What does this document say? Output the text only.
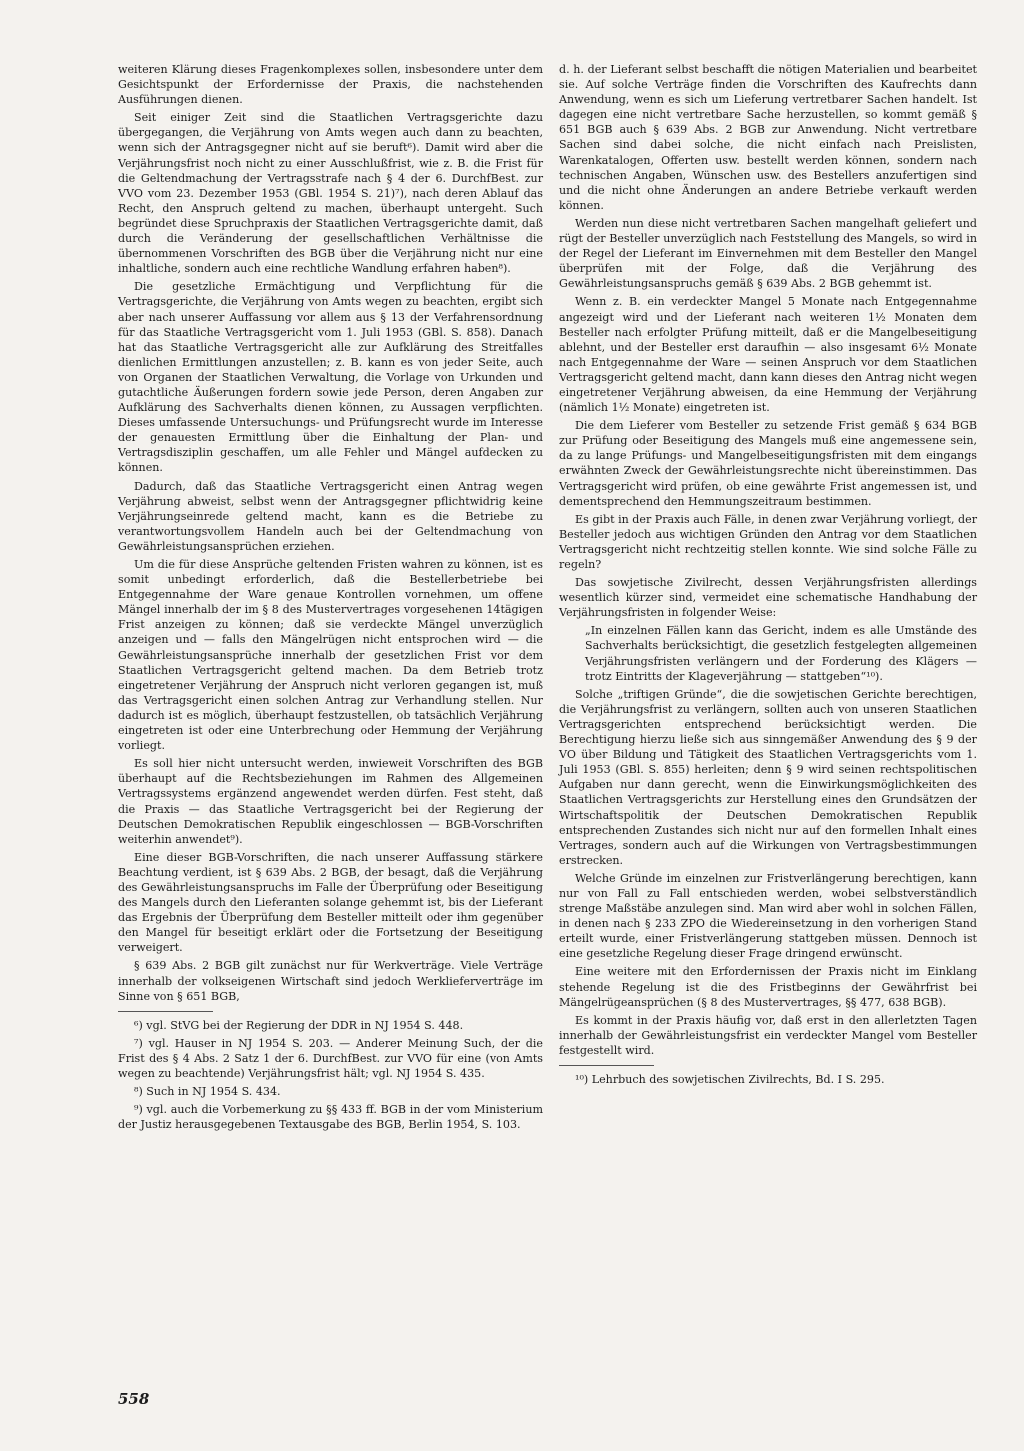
weiteren Klärung dieses Fragenkomplexes sollen, insbesondere unter dem Gesichtspunkt der Erfordernisse der Praxis, die nachstehenden Ausführungen dienen.

Seit einiger Zeit sind die Staatlichen Vertragsgerichte dazu übergegangen, die Verjährung von Amts wegen auch dann zu beachten, wenn sich der Antragsgegner nicht auf sie beruft⁶). Damit wird aber die Verjährungsfrist noch nicht zu einer Ausschlußfrist, wie z. B. die Frist für die Geltendmachung der Vertragsstrafe nach § 4 der 6. DurchfBest. zur VVO vom 23. Dezember 1953 (GBl. 1954 S. 21)⁷), nach deren Ablauf das Recht, den Anspruch geltend zu machen, überhaupt untergeht. Such begründet diese Spruchpraxis der Staatlichen Vertragsgerichte damit, daß durch die Veränderung der gesellschaftlichen Verhältnisse die übernommenen Vorschriften des BGB über die Verjährung nicht nur eine inhaltliche, sondern auch eine rechtliche Wandlung erfahren haben⁸).

Die gesetzliche Ermächtigung und Verpflichtung für die Vertragsgerichte, die Verjährung von Amts wegen zu beachten, ergibt sich aber nach unserer Auffassung vor allem aus § 13 der Verfahrensordnung für das Staatliche Vertragsgericht vom 1. Juli 1953 (GBl. S. 858). Danach hat das Staatliche Vertragsgericht alle zur Aufklärung des Streitfalles dienlichen Ermittlungen anzustellen; z. B. kann es von jeder Seite, auch von Organen der Staatlichen Verwaltung, die Vorlage von Urkunden und gutachtliche Äußerungen fordern sowie jede Person, deren Angaben zur Aufklärung des Sachverhalts dienen können, zu Aussagen verpflichten. Dieses umfassende Untersuchungs- und Prüfungsrecht wurde im Interesse der genauesten Ermittlung über die Einhaltung der Plan- und Vertragsdisziplin geschaffen, um alle Fehler und Mängel aufdecken zu können.

Dadurch, daß das Staatliche Vertragsgericht einen Antrag wegen Verjährung abweist, selbst wenn der Antragsgegner pflichtwidrig keine Verjährungseinrede geltend macht, kann es die Betriebe zu verantwortungsvollem Handeln auch bei der Geltendmachung von Gewährleistungsansprüchen erziehen.

Um die für diese Ansprüche geltenden Fristen wahren zu können, ist es somit unbedingt erforderlich, daß die Bestellerbetriebe bei Entgegennahme der Ware genaue Kontrollen vornehmen, um offene Mängel innerhalb der im § 8 des Mustervertrages vorgesehenen 14tägigen Frist anzeigen zu können; daß sie verdeckte Mängel unverzüglich anzeigen und — falls den Mängelrügen nicht entsprochen wird — die Gewährleistungsansprüche innerhalb der gesetzlichen Frist vor dem Staatlichen Vertragsgericht geltend machen. Da dem Betrieb trotz eingetretener Verjährung der Anspruch nicht verloren gegangen ist, muß das Vertragsgericht einen solchen Antrag zur Verhandlung stellen. Nur dadurch ist es möglich, überhaupt festzustellen, ob tatsächlich Verjährung eingetreten ist oder eine Unterbrechung oder Hemmung der Verjährung vorliegt.

Es soll hier nicht untersucht werden, inwieweit Vorschriften des BGB überhaupt auf die Rechtsbeziehungen im Rahmen des Allgemeinen Vertragssystems ergänzend angewendet werden dürfen. Fest steht, daß die Praxis — das Staatliche Vertragsgericht bei der Regierung der Deutschen Demokratischen Republik eingeschlossen — BGB-Vorschriften weiterhin anwendet⁹).

Eine dieser BGB-Vorschriften, die nach unserer Auffassung stärkere Beachtung verdient, ist § 639 Abs. 2 BGB, der besagt, daß die Verjährung des Gewährleistungsanspruchs im Falle der Überprüfung oder Beseitigung des Mangels durch den Lieferanten solange gehemmt ist, bis der Lieferant das Ergebnis der Überprüfung dem Besteller mitteilt oder ihm gegenüber den Mangel für beseitigt erklärt oder die Fortsetzung der Beseitigung verweigert.

§ 639 Abs. 2 BGB gilt zunächst nur für Werkverträge. Viele Verträge innerhalb der volkseigenen Wirtschaft sind jedoch Werklieferverträge im Sinne von § 651 BGB,

⁶) vgl. StVG bei der Regierung der DDR in NJ 1954 S. 448.

⁷) vgl. Hauser in NJ 1954 S. 203. — Anderer Meinung Such, der die Frist des § 4 Abs. 2 Satz 1 der 6. DurchfBest. zur VVO für eine (von Amts wegen zu beachtende) Verjährungsfrist hält; vgl. NJ 1954 S. 435.

⁸) Such in NJ 1954 S. 434.

⁹) vgl. auch die Vorbemerkung zu §§ 433 ff. BGB in der vom Ministerium der Justiz herausgegebenen Textausgabe des BGB, Berlin 1954, S. 103.

d. h. der Lieferant selbst beschafft die nötigen Materialien und bearbeitet sie. Auf solche Verträge finden die Vorschriften des Kaufrechts dann Anwendung, wenn es sich um Lieferung vertretbarer Sachen handelt. Ist dagegen eine nicht vertretbare Sache herzustellen, so kommt gemäß § 651 BGB auch § 639 Abs. 2 BGB zur Anwendung. Nicht vertretbare Sachen sind dabei solche, die nicht einfach nach Preislisten, Warenkatalogen, Offerten usw. bestellt werden können, sondern nach technischen Angaben, Wünschen usw. des Bestellers anzufertigen sind und die nicht ohne Änderungen an andere Betriebe verkauft werden können.

Werden nun diese nicht vertretbaren Sachen mangelhaft geliefert und rügt der Besteller unverzüglich nach Feststellung des Mangels, so wird in der Regel der Lieferant im Einvernehmen mit dem Besteller den Mangel überprüfen mit der Folge, daß die Verjährung des Gewährleistungsanspruchs gemäß § 639 Abs. 2 BGB gehemmt ist.

Wenn z. B. ein verdeckter Mangel 5 Monate nach Entgegennahme angezeigt wird und der Lieferant nach weiteren 1½ Monaten dem Besteller nach erfolgter Prüfung mitteilt, daß er die Mangelbeseitigung ablehnt, und der Besteller erst daraufhin — also insgesamt 6½ Monate nach Entgegennahme der Ware — seinen Anspruch vor dem Staatlichen Vertragsgericht geltend macht, dann kann dieses den Antrag nicht wegen eingetretener Verjährung abweisen, da eine Hemmung der Verjährung (nämlich 1½ Monate) eingetreten ist.

Die dem Lieferer vom Besteller zu setzende Frist gemäß § 634 BGB zur Prüfung oder Beseitigung des Mangels muß eine angemessene sein, da zu lange Prüfungs- und Mangelbeseitigungsfristen mit dem eingangs erwähnten Zweck der Gewährleistungsrechte nicht übereinstimmen. Das Vertragsgericht wird prüfen, ob eine gewährte Frist angemessen ist, und dementsprechend den Hemmungszeitraum bestimmen.

Es gibt in der Praxis auch Fälle, in denen zwar Verjährung vorliegt, der Besteller jedoch aus wichtigen Gründen den Antrag vor dem Staatlichen Vertragsgericht nicht rechtzeitig stellen konnte. Wie sind solche Fälle zu regeln?

Das sowjetische Zivilrecht, dessen Verjährungsfristen allerdings wesentlich kürzer sind, vermeidet eine schematische Handhabung der Verjährungsfristen in folgender Weise:

„In einzelnen Fällen kann das Gericht, indem es alle Umstände des Sachverhalts berücksichtigt, die gesetzlich festgelegten allgemeinen Verjährungsfristen verlängern und der Forderung des Klägers — trotz Eintritts der Klageverjährung — stattgeben“¹⁰).

Solche „triftigen Gründe“, die die sowjetischen Gerichte berechtigen, die Verjährungsfrist zu verlängern, sollten auch von unseren Staatlichen Vertragsgerichten entsprechend berücksichtigt werden. Die Berechtigung hierzu ließe sich aus sinngemäßer Anwendung des § 9 der VO über Bildung und Tätigkeit des Staatlichen Vertragsgerichts vom 1. Juli 1953 (GBl. S. 855) herleiten; denn § 9 wird seinen rechtspolitischen Aufgaben nur dann gerecht, wenn die Einwirkungsmöglichkeiten des Staatlichen Vertragsgerichts zur Herstellung eines den Grundsätzen der Wirtschaftspolitik der Deutschen Demokratischen Republik entsprechenden Zustandes sich nicht nur auf den formellen Inhalt eines Vertrages, sondern auch auf die Wirkungen von Vertragsbestimmungen erstrecken.

Welche Gründe im einzelnen zur Fristverlängerung berechtigen, kann nur von Fall zu Fall entschieden werden, wobei selbstverständlich strenge Maßstäbe anzulegen sind. Man wird aber wohl in solchen Fällen, in denen nach § 233 ZPO die Wiedereinsetzung in den vorherigen Stand erteilt wurde, einer Fristverlängerung stattgeben müssen. Dennoch ist eine gesetzliche Regelung dieser Frage dringend erwünscht.

Eine weitere mit den Erfordernissen der Praxis nicht im Einklang stehende Regelung ist die des Fristbeginns der Gewährfrist bei Mängelrügeansprüchen (§ 8 des Mustervertrages, §§ 477, 638 BGB).

Es kommt in der Praxis häufig vor, daß erst in den allerletzten Tagen innerhalb der Gewährleistungsfrist ein verdeckter Mangel vom Besteller festgestellt wird.

¹⁰) Lehrbuch des sowjetischen Zivilrechts, Bd. I S. 295.

558
